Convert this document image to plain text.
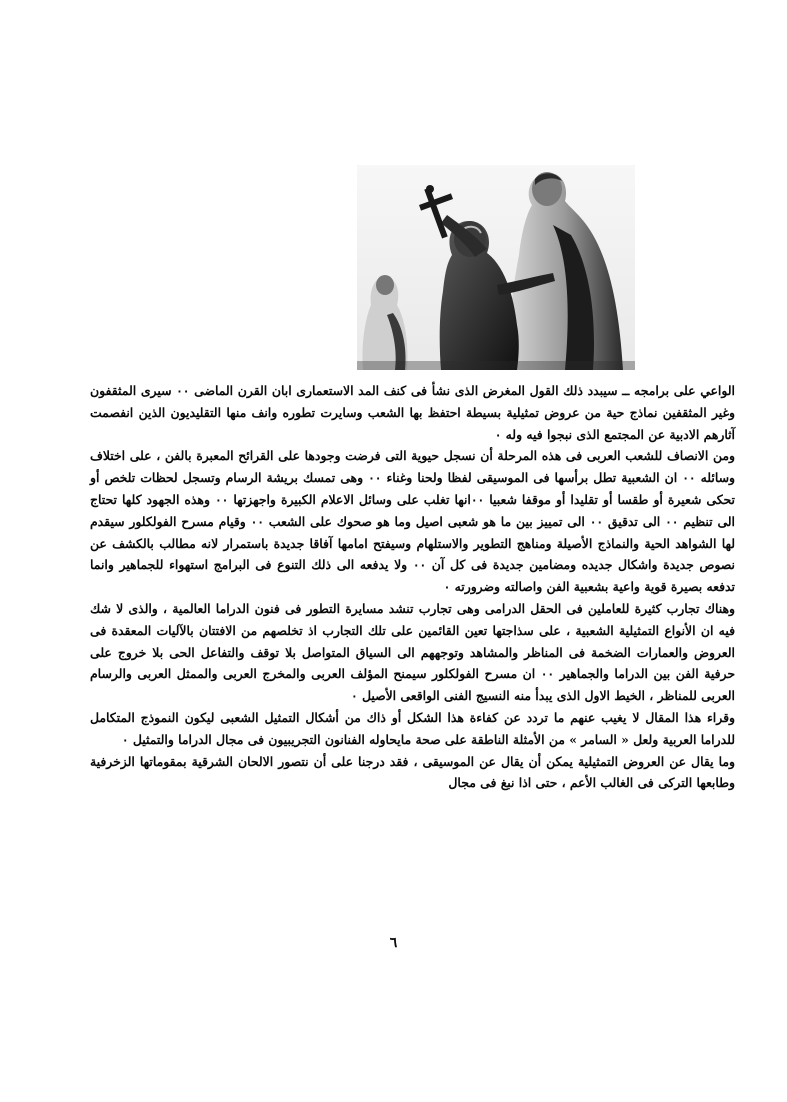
الواعي على برامجه ــ سيبدد ذلك القول المغرض الذى نشأ فى كنف المد الاستعمارى ابان القرن الماضى ٠٠ سيرى المثقفون وغير المثقفين نماذج حية من عروض تمثيلية بسيطة احتفظ بها الشعب وسايرت تطوره وانف منها التقليديون الذين انفصمت آثارهم الادبية عن المجتمع الذى نبجوا فيه وله ٠

ومن الانصاف للشعب العربى فى هذه المرحلة أن نسجل حيوية التى فرضت وجودها على القرائح المعبرة بالفن ، على اختلاف وسائله ٠٠ ان الشعبية تطل برأسها فى الموسيقى لفظا ولحنا وغناء ٠٠ وهى تمسك بريشة الرسام وتسجل لحظات تلخص أو تحكى شعيرة أو طقسا أو تقليدا أو موقفا شعبيا ٠٠انها تغلب على وسائل الاعلام الكبيرة واجهزتها ٠٠ وهذه الجهود كلها تحتاج الى تنظيم ٠٠ الى تدقيق ٠٠ الى تمييز بين ما هو شعبى اصيل وما هو صحوك على الشعب ٠٠ وقيام مسرح الفولكلور سيقدم لها الشواهد الحية والنماذج الأصيلة ومناهج التطوير والاستلهام وسيفتح امامها آفاقا جديدة باستمرار لانه مطالب بالكشف عن نصوص جديدة واشكال جديده ومضامين جديدة فى كل آن ٠٠ ولا يدفعه الى ذلك التنوع فى البرامج استهواء للجماهير وانما تدفعه بصيرة قوية واعية بشعبية الفن واصالته وضرورته ٠

وهناك تجارب كثيرة للعاملين فى الحقل الدرامى وهى تجارب تنشد مسايرة التطور فى فنون الدراما العالمية ، والذى لا شك فيه ان الأنواع التمثيلية الشعبية ، على سذاجتها تعين القائمين على تلك التجارب اذ تخلصهم من الافتتان بالآليات المعقدة فى العروض والعمارات الضخمة فى المناظر والمشاهد وتوجههم الى السياق المتواصل بلا توقف والتفاعل الحى بلا خروج على حرفية الفن بين الدراما والجماهير ٠٠ ان مسرح الفولكلور سيمنح المؤلف العربى والمخرج العربى والممثل العربى والرسام العربى للمناظر ، الخيط الاول الذى يبدأ منه النسيج الفنى الواقعى الأصيل ٠

وقراء هذا المقال لا يغيب عنهم ما تردد عن كفاءة هذا الشكل أو ذاك من أشكال التمثيل الشعبى ليكون النموذج المتكامل للدراما العربية ولعل « السامر » من الأمثلة الناطقة على صحة مايحاوله الفنانون التجريبيون فى مجال الدراما والتمثيل ٠

وما يقال عن العروض التمثيلية يمكن أن يقال عن الموسيقى ، فقد درجنا على أن نتصور الالحان الشرقية بمقوماتها الزخرفية وطابعها التركى فى الغالب الأعم ، حتى اذا نبغ فى مجال

٦
